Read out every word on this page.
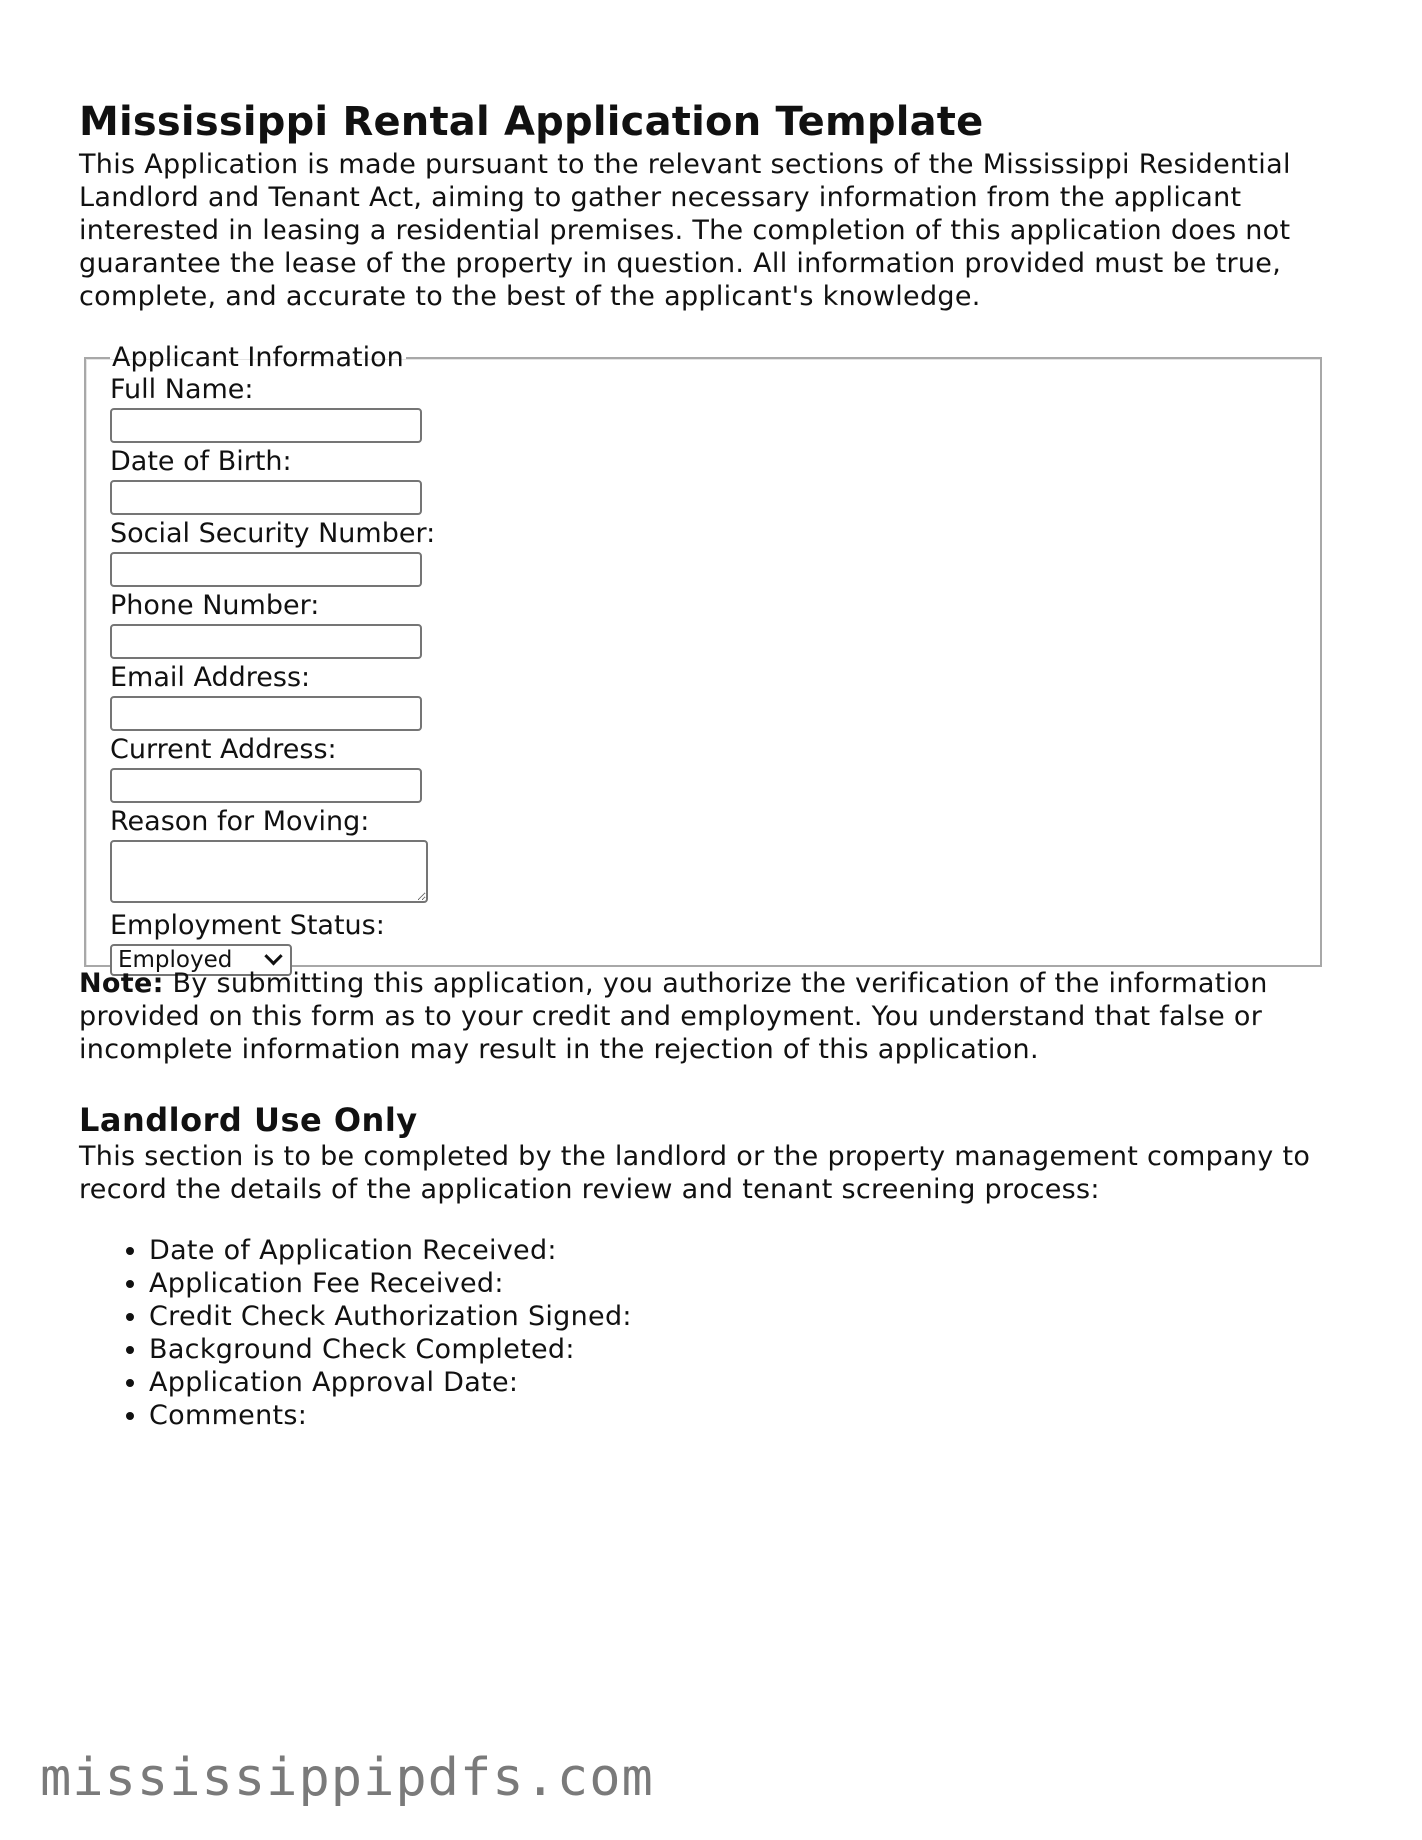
Mississippi Rental Application Template

This Application is made pursuant to the relevant sections of the Mississippi Residential Landlord and Tenant Act, aiming to gather necessary information from the applicant interested in leasing a residential premises. The completion of this application does not guarantee the lease of the property in question. All information provided must be true, complete, and accurate to the best of the applicant's knowledge.

Applicant Information
Full Name:
Date of Birth:
Social Security Number:
Phone Number:
Email Address:
Current Address:
Reason for Moving:
Employment Status:
Employed

Note: By submitting this application, you authorize the verification of the information provided on this form as to your credit and employment. You understand that false or incomplete information may result in the rejection of this application.

Landlord Use Only

This section is to be completed by the landlord or the property management company to record the details of the application review and tenant screening process:

• Date of Application Received:
• Application Fee Received:
• Credit Check Authorization Signed:
• Background Check Completed:
• Application Approval Date:
• Comments:
mississippipdfs.com
